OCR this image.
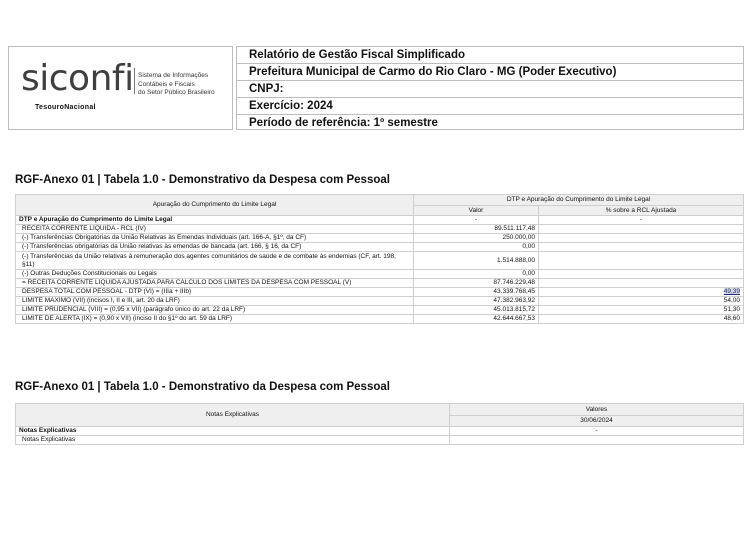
siconfi Sistema de Informações
Contábeis e Fiscais
do Setor Público Brasileiro
TesouroNacional
Relatório de Gestão Fiscal Simplificado
Prefeitura Municipal de Carmo do Rio Claro - MG (Poder Executivo)
CNPJ:
Exercício: 2024
Período de referência: 1º semestre
RGF-Anexo 01 | Tabela 1.0 - Demonstrativo da Despesa com Pessoal
Apuração do Cumprimento do Limite Legal	DTP e Apuração do Cumprimento do Limite Legal	
	Valor	% sobre a RCL Ajustada
DTP e Apuração do Cumprimento do Limite Legal	-	-
RECEITA CORRENTE LÍQUIDA - RCL (IV)	89.511.117,48	
(-) Transferências Obrigatórias da União Relativas às Emendas Individuais (art. 166-A, §1º, da CF)	250.000,00	
(-) Transferências obrigatórias da União relativas às emendas de bancada (art. 166, § 16, da CF)	0,00	
(-) Transferências da União relativas à remuneração dos agentes comunitários de saúde e de combate às endemias (CF, art. 198, §11)	1.514.888,00	
(-) Outras Deduções Constitucionais ou Legais	0,00	
= RECEITA CORRENTE LÍQUIDA AJUSTADA PARA CÁLCULO DOS LIMITES DA DESPESA COM PESSOAL (V)	87.746.229,48	
DESPESA TOTAL COM PESSOAL - DTP (VI) = (IIIa + IIIb)	43.339.768,45	49,39
LIMITE MÁXIMO (VII) (incisos I, II e III, art. 20 da LRF)	47.382.963,92	54,00
LIMITE PRUDENCIAL (VIII) = (0,95 x VII) (parágrafo único do art. 22 da LRF)	45.013.815,72	51,30
LIMITE DE ALERTA (IX) = (0,90 x VII) (inciso II do §1º do art. 59 da LRF)	42.644.667,53	48,60
RGF-Anexo 01 | Tabela 1.0 - Demonstrativo da Despesa com Pessoal
Notas Explicativas	Valores
	30/06/2024
Notas Explicativas	-
Notas Explicativas	
